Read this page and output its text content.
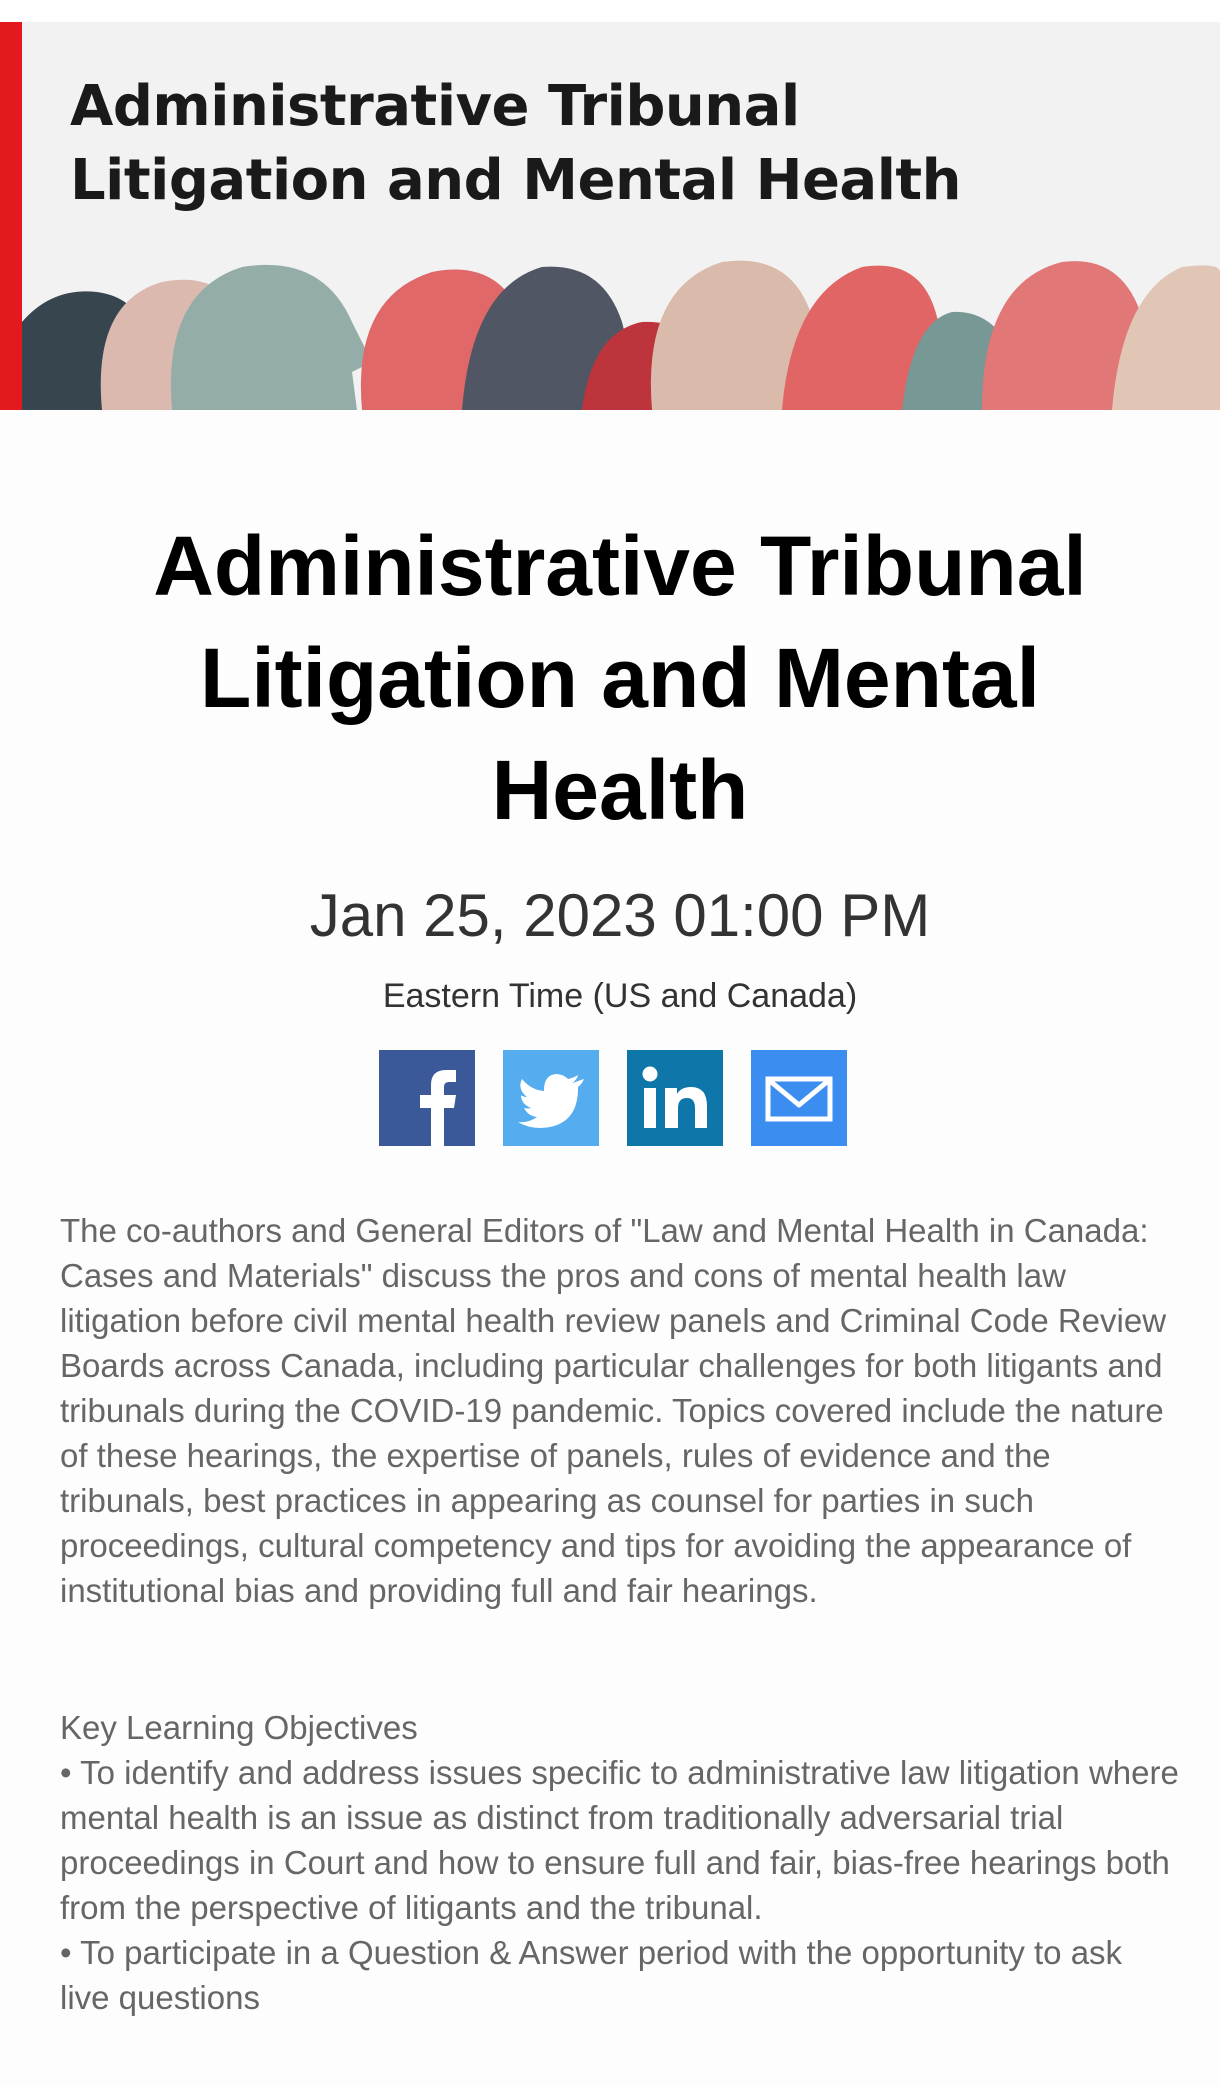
Administrative Tribunal Litigation and Mental Health
Administrative Tribunal Litigation and Mental Health
Jan 25, 2023 01:00 PM
Eastern Time (US and Canada)

The co-authors and General Editors of "Law and Mental Health in Canada: Cases and Materials" discuss the pros and cons of mental health law litigation before civil mental health review panels and Criminal Code Review Boards across Canada, including particular challenges for both litigants and tribunals during the COVID-19 pandemic. Topics covered include the nature of these hearings, the expertise of panels, rules of evidence and the tribunals, best practices in appearing as counsel for parties in such proceedings, cultural competency and tips for avoiding the appearance of institutional bias and providing full and fair hearings.

Key Learning Objectives

• To identify and address issues specific to administrative law litigation where mental health is an issue as distinct from traditionally adversarial trial proceedings in Court and how to ensure full and fair, bias-free hearings both from the perspective of litigants and the tribunal.

• To participate in a Question & Answer period with the opportunity to ask live questions
